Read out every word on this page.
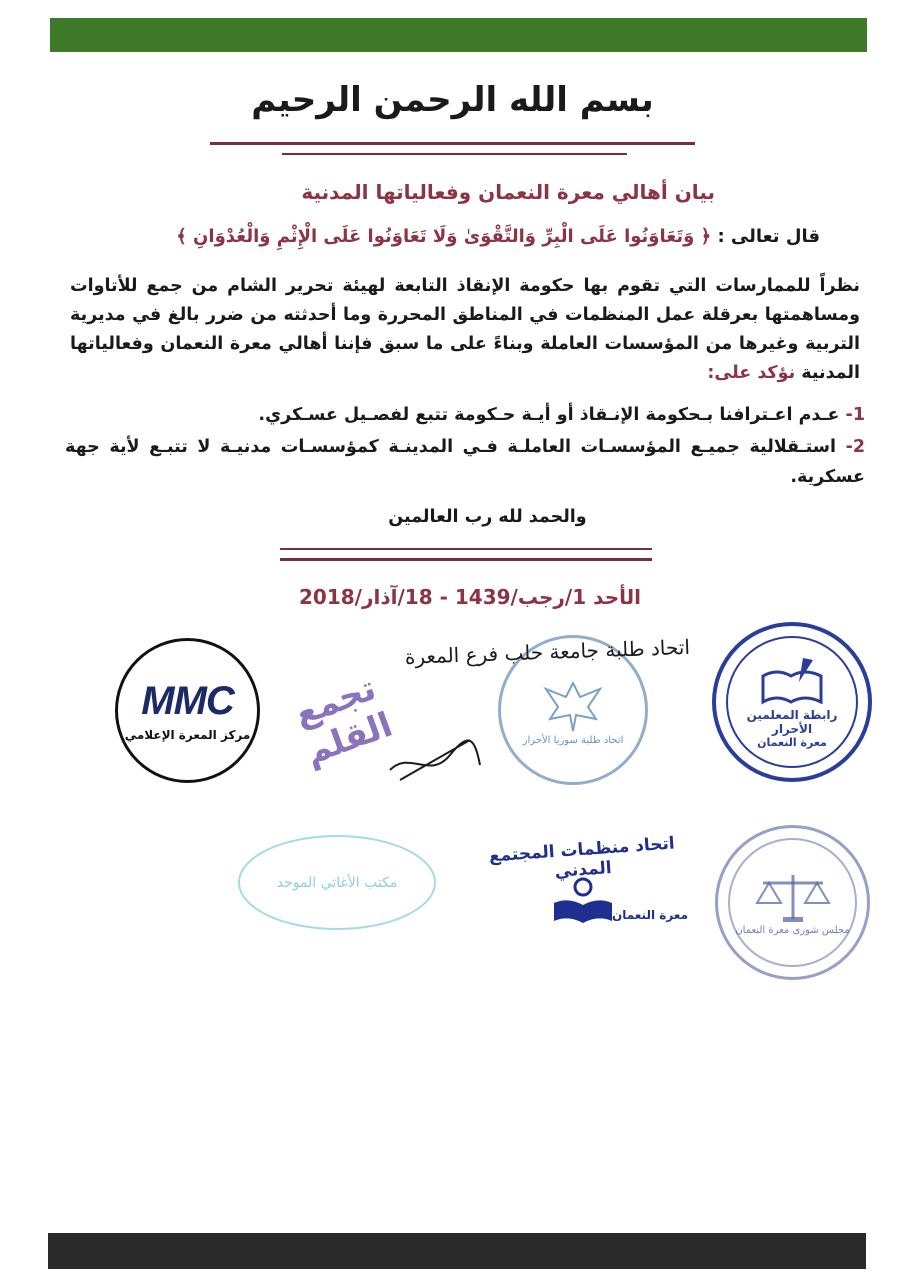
بسم الله الرحمن الرحيم
بيان أهالي معرة النعمان وفعالياتها المدنية
قال تعالى : ﴿ وَتَعَاوَنُوا عَلَى الْبِرِّ وَالتَّقْوَىٰ وَلَا تَعَاوَنُوا عَلَى الْإِثْمِ وَالْعُدْوَانِ ﴾
نظراً للممارسات التي تقوم بها حكومة الإنقاذ التابعة لهيئة تحرير الشام من جمع للأتاوات ومساهمتها بعرقلة عمل المنظمات في المناطق المحررة وما أحدثته من ضرر بالغ في مديرية التربية وغيرها من المؤسسات العاملة وبناءً على ما سبق فإننا أهالي معرة النعمان وفعالياتها المدنية نؤكد على:
1- عـدم اعـترافنا بـحكومة الإنـقاذ أو أيـة حـكومة تتبع لفصـيل عسـكري.
2- استـقلالية جميـع المؤسسـات العاملـة فـي المدينـة كمؤسسـات مدنيـة لا تتبـع لأية جهة عسكرية.
والحمد لله رب العالمين
الأحد 1/رجب/1439 - 18/آذار/2018
MMC
مركز المعرة الإعلامي
تجمع القلم	اتحاد طلبة سوريا الأحرار
اتحاد طلبة جامعة حلب فرع المعرة
رابطة المعلمين الأحرار
معرة النعمان
مكتب الأغاثي الموحد
اتحاد منظمات المجتمع المدني
معرة النعمان
مجلس شورى معرة النعمان
